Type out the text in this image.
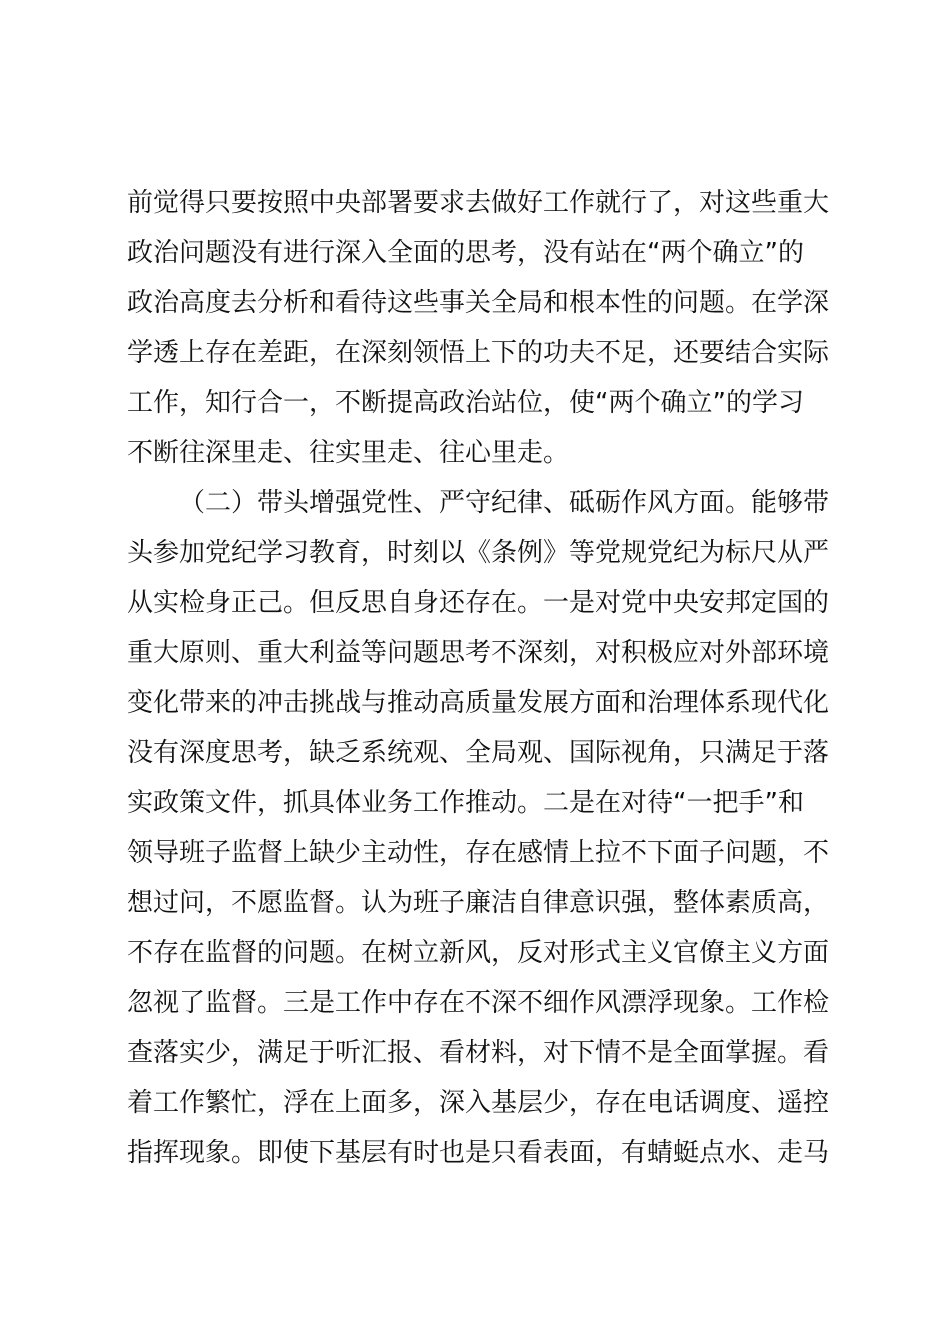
前觉得只要按照中央部署要求去做好工作就行了，对这些重大
政治问题没有进行深入全面的思考，没有站在“两个确立”的
政治高度去分析和看待这些事关全局和根本性的问题。在学深
学透上存在差距，在深刻领悟上下的功夫不足，还要结合实际
工作，知行合一，不断提高政治站位，使“两个确立”的学习
不断往深里走、往实里走、往心里走。
（二）带头增强党性、严守纪律、砥砺作风方面。能够带
头参加党纪学习教育，时刻以《条例》等党规党纪为标尺从严
从实检身正己。但反思自身还存在。一是对党中央安邦定国的
重大原则、重大利益等问题思考不深刻，对积极应对外部环境
变化带来的冲击挑战与推动高质量发展方面和治理体系现代化
没有深度思考，缺乏系统观、全局观、国际视角，只满足于落
实政策文件，抓具体业务工作推动。二是在对待“一把手”和
领导班子监督上缺少主动性，存在感情上拉不下面子问题，不
想过问，不愿监督。认为班子廉洁自律意识强，整体素质高，
不存在监督的问题。在树立新风，反对形式主义官僚主义方面
忽视了监督。三是工作中存在不深不细作风漂浮现象。工作检
查落实少，满足于听汇报、看材料，对下情不是全面掌握。看
着工作繁忙，浮在上面多，深入基层少，存在电话调度、遥控
指挥现象。即使下基层有时也是只看表面，有蜻蜓点水、走马
